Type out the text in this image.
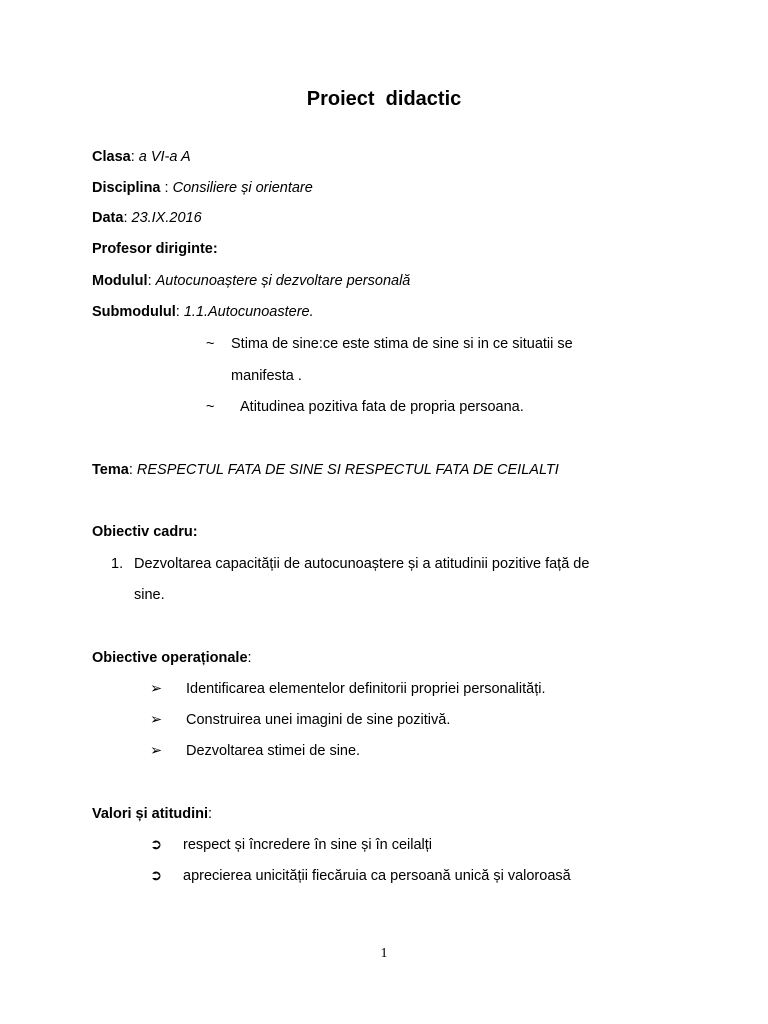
Proiect  didactic
Clasa: a VI-a A
Disciplina : Consiliere și orientare
Data: 23.IX.2016
Profesor diriginte:
Modulul: Autocunoaștere și dezvoltare personală
Submodulul: 1.1.Autocunoastere.
~ Stima de sine:ce este stima de sine si in ce situatii se
manifesta .
~ Atitudinea pozitiva fata de propria persoana.
Tema: RESPECTUL FATA DE SINE SI RESPECTUL FATA DE CEILALTI
Obiectiv cadru:
1. Dezvoltarea capacității de autocunoaștere și a atitudinii pozitive față de
sine.
Obiective operaționale:
➢ Identificarea elementelor definitorii propriei personalități.
➢ Construirea unei imagini de sine pozitivă.
➢ Dezvoltarea stimei de sine.
Valori și atitudini:
➲ respect și încredere în sine și în ceilalți
➲ aprecierea unicității fiecăruia ca persoană unică și valoroasă
1
